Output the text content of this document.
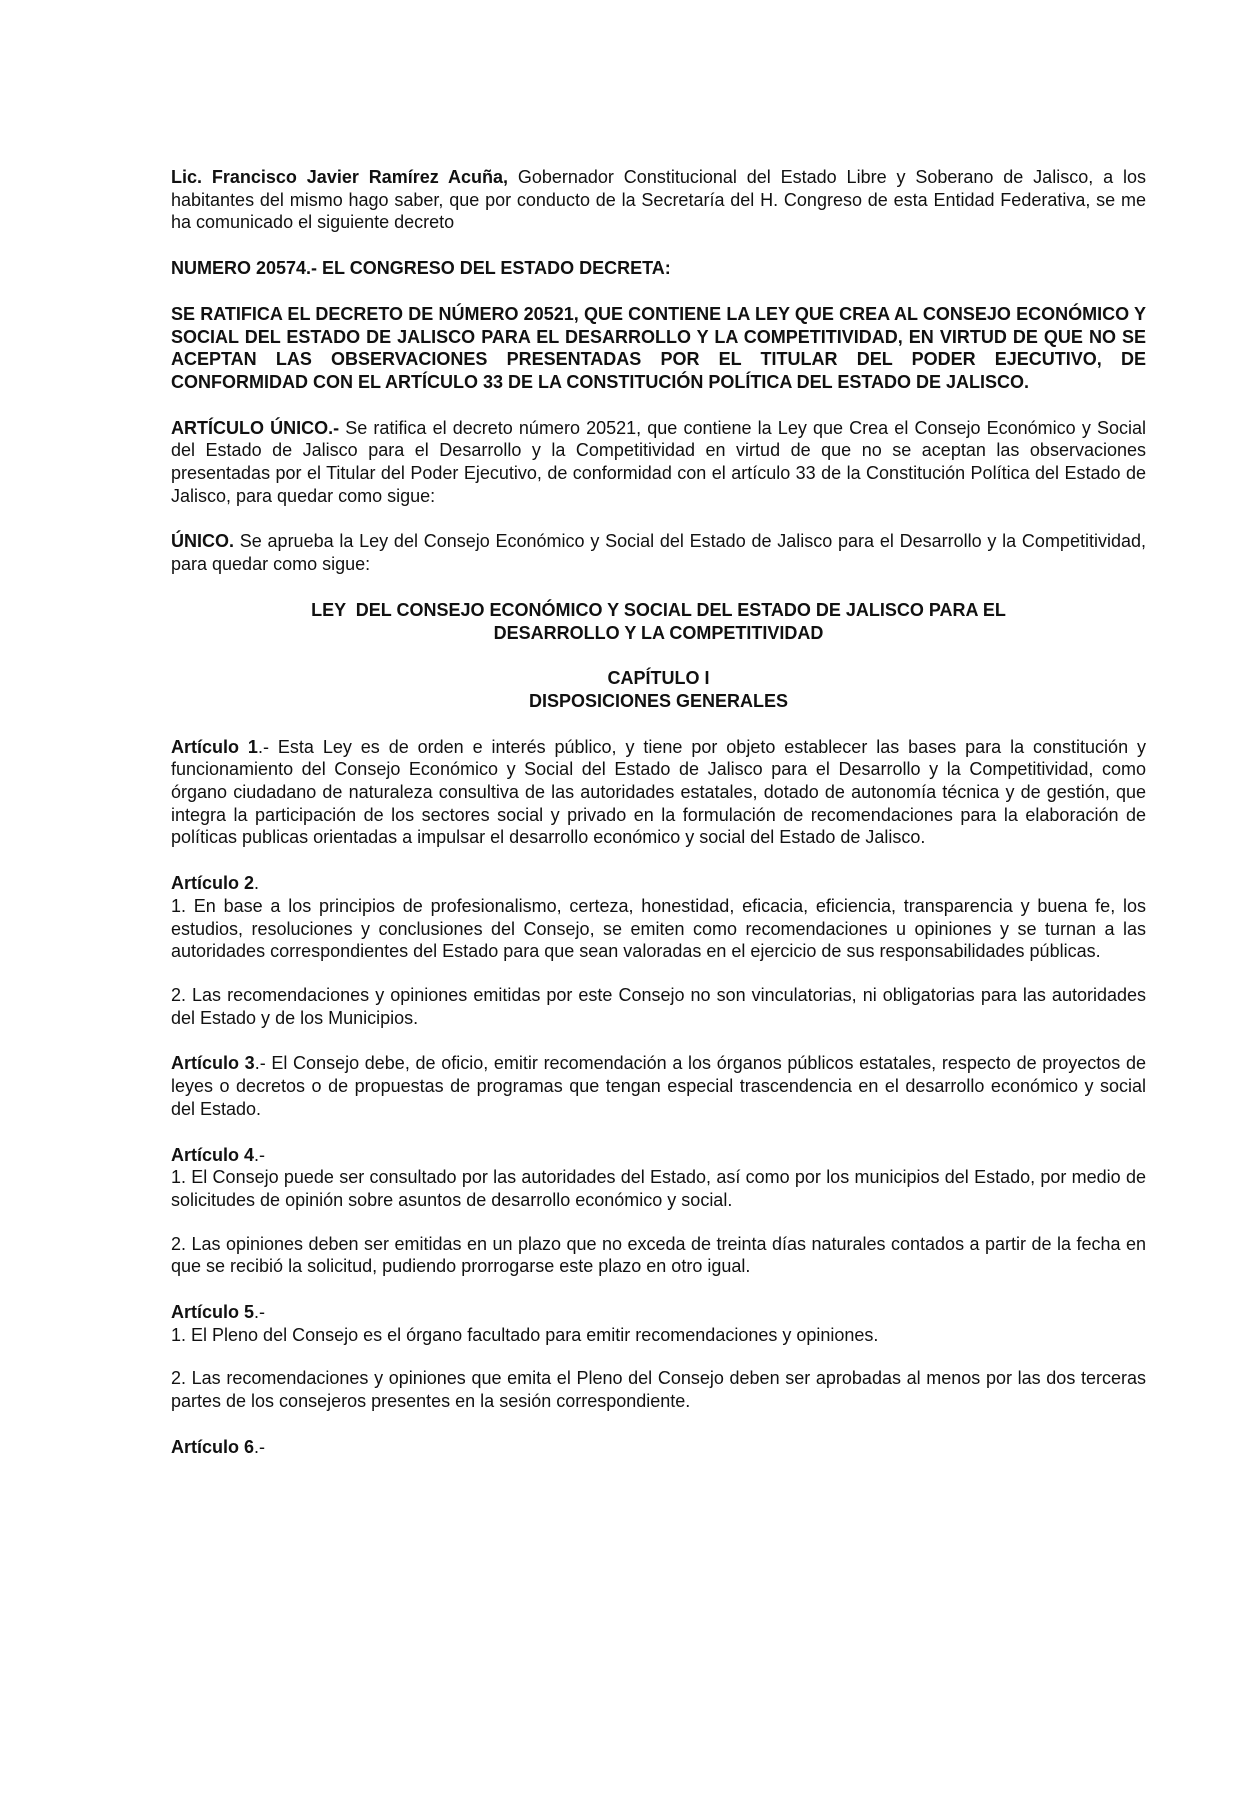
Lic. Francisco Javier Ramírez Acuña, Gobernador Constitucional del Estado Libre y Soberano de Jalisco, a los habitantes del mismo hago saber, que por conducto de la Secretaría del H. Congreso de esta Entidad Federativa, se me ha comunicado el siguiente decreto

NUMERO 20574.- EL CONGRESO DEL ESTADO DECRETA:

SE RATIFICA EL DECRETO DE NÚMERO 20521, QUE CONTIENE LA LEY QUE CREA AL CONSEJO ECONÓMICO Y SOCIAL DEL ESTADO DE JALISCO PARA EL DESARROLLO Y LA COMPETITIVIDAD, EN VIRTUD DE QUE NO SE ACEPTAN LAS OBSERVACIONES PRESENTADAS POR EL TITULAR DEL PODER EJECUTIVO, DE CONFORMIDAD CON EL ARTÍCULO 33 DE LA CONSTITUCIÓN POLÍTICA DEL ESTADO DE JALISCO.

ARTÍCULO ÚNICO.- Se ratifica el decreto número 20521, que contiene la Ley que Crea el Consejo Económico y Social del Estado de Jalisco para el Desarrollo y la Competitividad en virtud de que no se aceptan las observaciones presentadas por el Titular del Poder Ejecutivo, de conformidad con el artículo 33 de la Constitución Política del Estado de Jalisco, para quedar como sigue:

ÚNICO. Se aprueba la Ley del Consejo Económico y Social del Estado de Jalisco para el Desarrollo y la Competitividad, para quedar como sigue:

LEY  DEL CONSEJO ECONÓMICO Y SOCIAL DEL ESTADO DE JALISCO PARA EL
DESARROLLO Y LA COMPETITIVIDAD
CAPÍTULO I
DISPOSICIONES GENERALES

Artículo 1.- Esta Ley es de orden e interés público, y tiene por objeto establecer las bases para la constitución y funcionamiento del Consejo Económico y Social del Estado de Jalisco para el Desarrollo y la Competitividad, como órgano ciudadano de naturaleza consultiva de las autoridades estatales, dotado de autonomía técnica y de gestión, que integra la participación de los sectores social y privado en la formulación de recomendaciones para la elaboración de políticas publicas orientadas a impulsar el desarrollo económico y social del Estado de Jalisco.

Artículo 2.

1. En base a los principios de profesionalismo, certeza, honestidad, eficacia, eficiencia, transparencia y buena fe, los estudios, resoluciones y conclusiones del Consejo, se emiten como recomendaciones u opiniones y se turnan a las autoridades correspondientes del Estado para que sean valoradas en el ejercicio de sus responsabilidades públicas.

2. Las recomendaciones y opiniones emitidas por este Consejo no son vinculatorias, ni obligatorias para las autoridades del Estado y de los Municipios.

Artículo 3.- El Consejo debe, de oficio, emitir recomendación a los órganos públicos estatales, respecto de proyectos de leyes o decretos o de propuestas de programas que tengan especial trascendencia en el desarrollo económico y social del Estado.

Artículo 4.-

1. El Consejo puede ser consultado por las autoridades del Estado, así como por los municipios del Estado, por medio de solicitudes de opinión sobre asuntos de desarrollo económico y social.

2. Las opiniones deben ser emitidas en un plazo que no exceda de treinta días naturales contados a partir de la fecha en que se recibió la solicitud, pudiendo prorrogarse este plazo en otro igual.

Artículo 5.-

1. El Pleno del Consejo es el órgano facultado para emitir recomendaciones y opiniones.

2. Las recomendaciones y opiniones que emita el Pleno del Consejo deben ser aprobadas al menos por las dos terceras partes de los consejeros presentes en la sesión correspondiente.

Artículo 6.-
